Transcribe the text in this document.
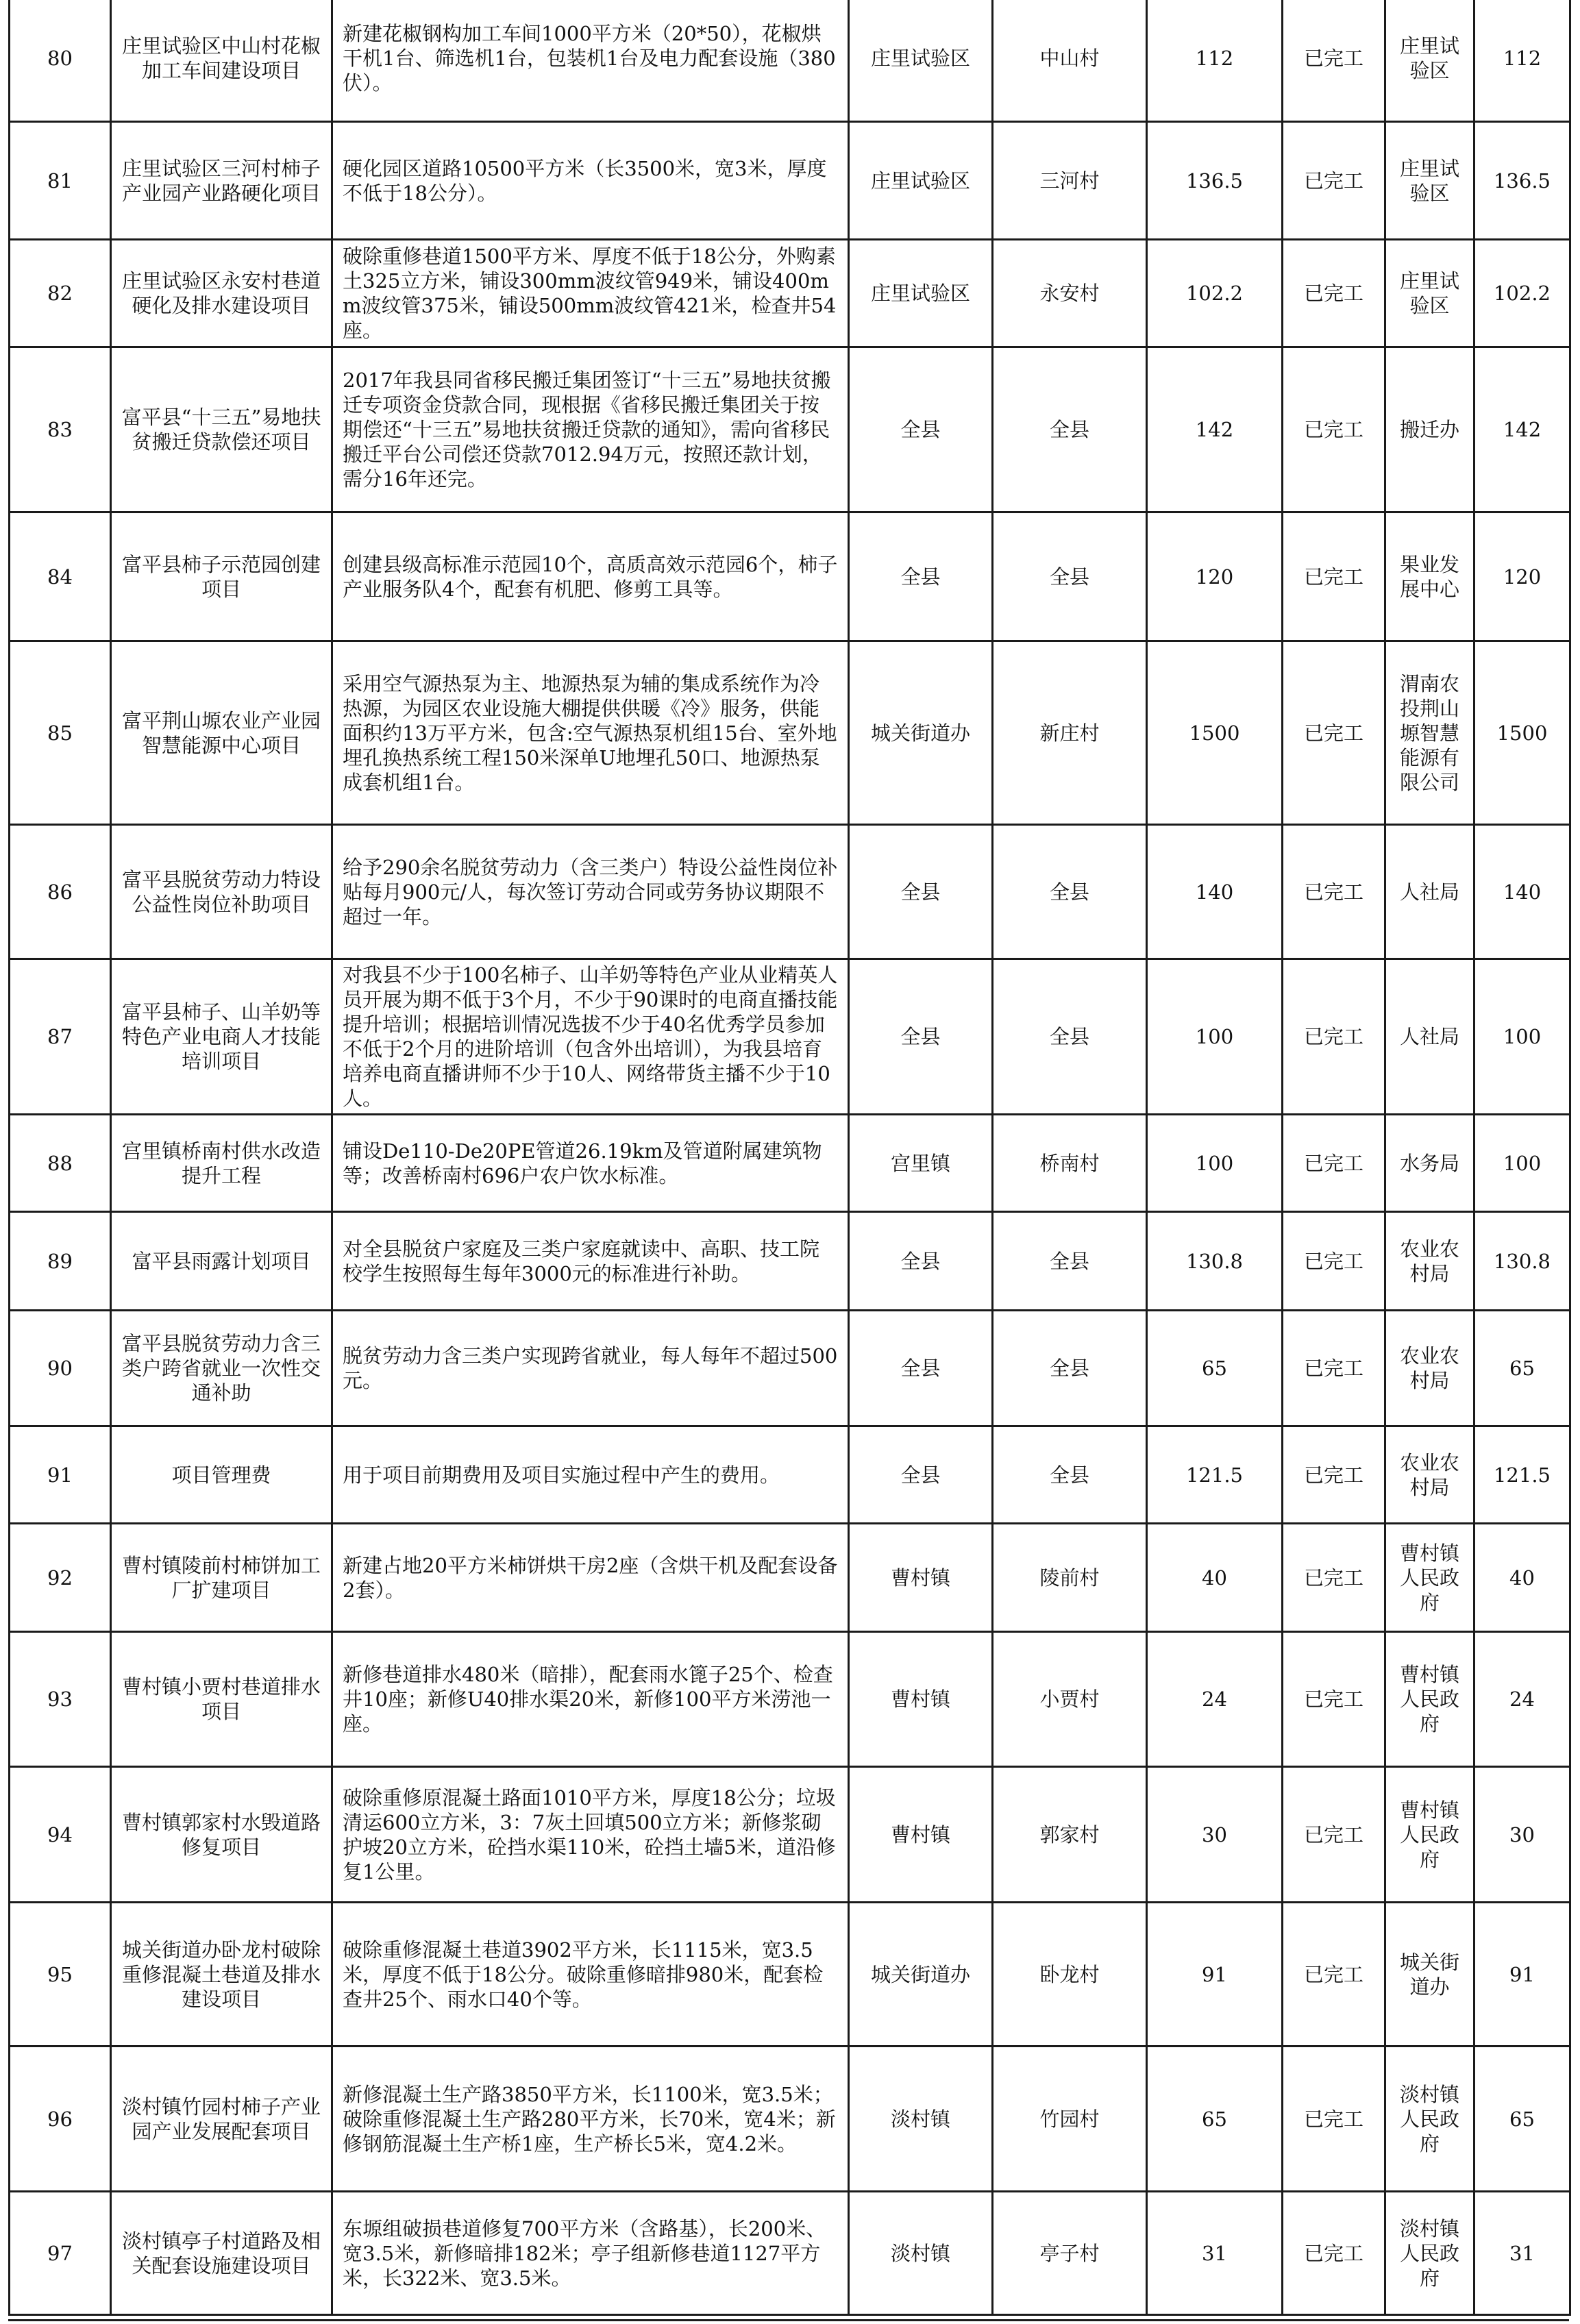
80	庄里试验区中山村花椒加工车间建设项目	新建花椒钢构加工车间1000平方米（20*50），花椒烘干机1台、筛选机1台，包装机1台及电力配套设施（380伏）。	庄里试验区	中山村	112	已完工	庄里试验区	112
81	庄里试验区三河村柿子产业园产业路硬化项目	硬化园区道路10500平方米（长3500米，宽3米，厚度不低于18公分）。	庄里试验区	三河村	136.5	已完工	庄里试验区	136.5
82	庄里试验区永安村巷道硬化及排水建设项目	破除重修巷道1500平方米、厚度不低于18公分，外购素土325立方米，铺设300mm波纹管949米，铺设400mm波纹管375米，铺设500mm波纹管421米，检查井54座。	庄里试验区	永安村	102.2	已完工	庄里试验区	102.2
83	富平县“十三五”易地扶贫搬迁贷款偿还项目	2017年我县同省移民搬迁集团签订“十三五”易地扶贫搬迁专项资金贷款合同，现根据《省移民搬迁集团关于按期偿还“十三五”易地扶贫搬迁贷款的通知》，需向省移民搬迁平台公司偿还贷款7012.94万元，按照还款计划，需分16年还完。	全县	全县	142	已完工	搬迁办	142
84	富平县柿子示范园创建项目	创建县级高标准示范园10个，高质高效示范园6个，柿子产业服务队4个，配套有机肥、修剪工具等。	全县	全县	120	已完工	果业发展中心	120
85	富平荆山塬农业产业园智慧能源中心项目	采用空气源热泵为主、地源热泵为辅的集成系统作为冷热源，为园区农业设施大棚提供供暖《冷》服务，供能面积约13万平方米，包含:空气源热泵机组15台、室外地埋孔换热系统工程150米深单U地埋孔50口、地源热泵成套机组1台。	城关街道办	新庄村	1500	已完工	渭南农投荆山塬智慧能源有限公司	1500
86	富平县脱贫劳动力特设公益性岗位补助项目	给予290余名脱贫劳动力（含三类户）特设公益性岗位补贴每月900元/人，每次签订劳动合同或劳务协议期限不超过一年。	全县	全县	140	已完工	人社局	140
87	富平县柿子、山羊奶等特色产业电商人才技能培训项目	对我县不少于100名柿子、山羊奶等特色产业从业精英人员开展为期不低于3个月，不少于90课时的电商直播技能提升培训；根据培训情况选拔不少于40名优秀学员参加不低于2个月的进阶培训（包含外出培训），为我县培育培养电商直播讲师不少于10人、网络带货主播不少于10人。	全县	全县	100	已完工	人社局	100
88	宫里镇桥南村供水改造提升工程	铺设De110-De20PE管道26.19km及管道附属建筑物等；改善桥南村696户农户饮水标准。	宫里镇	桥南村	100	已完工	水务局	100
89	富平县雨露计划项目	对全县脱贫户家庭及三类户家庭就读中、高职、技工院校学生按照每生每年3000元的标准进行补助。	全县	全县	130.8	已完工	农业农村局	130.8
90	富平县脱贫劳动力含三类户跨省就业一次性交通补助	脱贫劳动力含三类户实现跨省就业，每人每年不超过500元。	全县	全县	65	已完工	农业农村局	65
91	项目管理费	用于项目前期费用及项目实施过程中产生的费用。	全县	全县	121.5	已完工	农业农村局	121.5
92	曹村镇陵前村柿饼加工厂扩建项目	新建占地20平方米柿饼烘干房2座（含烘干机及配套设备2套）。	曹村镇	陵前村	40	已完工	曹村镇人民政府	40
93	曹村镇小贾村巷道排水项目	新修巷道排水480米（暗排），配套雨水篦子25个、检查井10座；新修U40排水渠20米，新修100平方米涝池一座。	曹村镇	小贾村	24	已完工	曹村镇人民政府	24
94	曹村镇郭家村水毁道路修复项目	破除重修原混凝土路面1010平方米，厚度18公分；垃圾清运600立方米，3：7灰土回填500立方米；新修浆砌护坡20立方米，砼挡水渠110米，砼挡土墙5米，道沿修复1公里。	曹村镇	郭家村	30	已完工	曹村镇人民政府	30
95	城关街道办卧龙村破除重修混凝土巷道及排水建设项目	破除重修混凝土巷道3902平方米，长1115米，宽3.5米，厚度不低于18公分。破除重修暗排980米，配套检查井25个、雨水口40个等。	城关街道办	卧龙村	91	已完工	城关街道办	91
96	淡村镇竹园村柿子产业园产业发展配套项目	新修混凝土生产路3850平方米，长1100米，宽3.5米；破除重修混凝土生产路280平方米，长70米，宽4米；新修钢筋混凝土生产桥1座，生产桥长5米，宽4.2米。	淡村镇	竹园村	65	已完工	淡村镇人民政府	65
97	淡村镇亭子村道路及相关配套设施建设项目	东塬组破损巷道修复700平方米（含路基），长200米、宽3.5米，新修暗排182米；亭子组新修巷道1127平方米，长322米、宽3.5米。	淡村镇	亭子村	31	已完工	淡村镇人民政府	31
